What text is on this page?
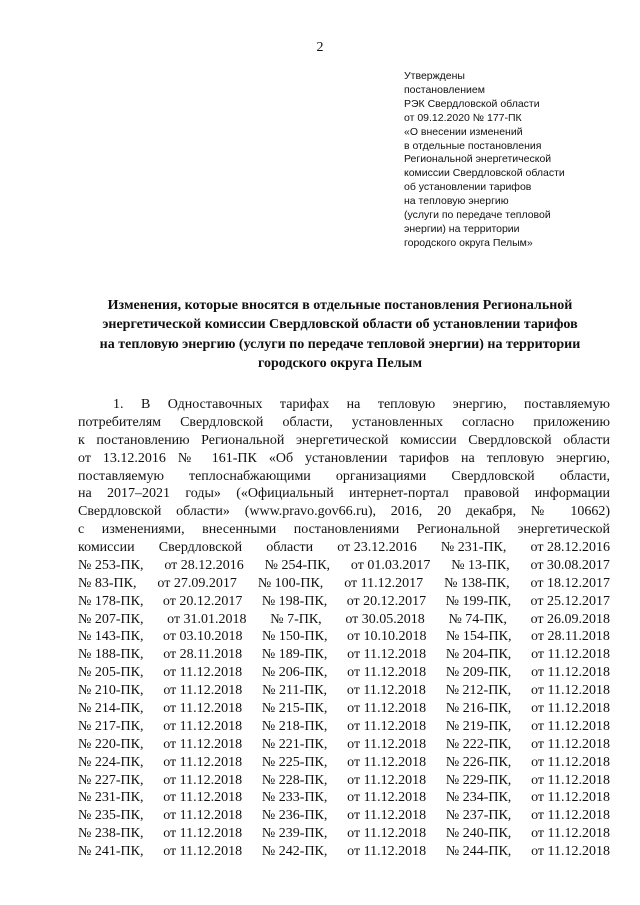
2
Утверждены
постановлением
РЭК Свердловской области
от 09.12.2020 № 177-ПК
«О внесении изменений
в отдельные постановления
Региональной энергетической
комиссии Свердловской области
об установлении тарифов
на тепловую энергию
(услуги по передаче тепловой
энергии) на территории
городского округа Пелым»
Изменения, которые вносятся в отдельные постановления Региональной
энергетической комиссии Свердловской области об установлении тарифов
на тепловую энергию (услуги по передаче тепловой энергии) на территории
городского округа Пелым
1. В Одноставочных тарифах на тепловую энергию, поставляемую
потребителям Свердловской области, установленных согласно приложению
к постановлению Региональной энергетической комиссии Свердловской области
от 13.12.2016 № 161-ПК «Об установлении тарифов на тепловую энергию,
поставляемую теплоснабжающими организациями Свердловской области,
на 2017–2021 годы» («Официальный интернет-портал правовой информации
Свердловской области» (www.pravo.gov66.ru), 2016, 20 декабря, № 10662)
с изменениями, внесенными постановлениями Региональной энергетической
комиссии Свердловской области от 23.12.2016 № 231-ПК, от 28.12.2016
№ 253-ПК, от 28.12.2016 № 254-ПК, от 01.03.2017 № 13-ПК, от 30.08.2017
№ 83-ПК, от 27.09.2017 № 100-ПК, от 11.12.2017 № 138-ПК, от 18.12.2017
№ 178-ПК, от 20.12.2017 № 198-ПК, от 20.12.2017 № 199-ПК, от 25.12.2017
№ 207-ПК, от 31.01.2018 № 7-ПК, от 30.05.2018 № 74-ПК, от 26.09.2018
№ 143-ПК, от 03.10.2018 № 150-ПК, от 10.10.2018 № 154-ПК, от 28.11.2018
№ 188-ПК, от 28.11.2018 № 189-ПК, от 11.12.2018 № 204-ПК, от 11.12.2018
№ 205-ПК, от 11.12.2018 № 206-ПК, от 11.12.2018 № 209-ПК, от 11.12.2018
№ 210-ПК, от 11.12.2018 № 211-ПК, от 11.12.2018 № 212-ПК, от 11.12.2018
№ 214-ПК, от 11.12.2018 № 215-ПК, от 11.12.2018 № 216-ПК, от 11.12.2018
№ 217-ПК, от 11.12.2018 № 218-ПК, от 11.12.2018 № 219-ПК, от 11.12.2018
№ 220-ПК, от 11.12.2018 № 221-ПК, от 11.12.2018 № 222-ПК, от 11.12.2018
№ 224-ПК, от 11.12.2018 № 225-ПК, от 11.12.2018 № 226-ПК, от 11.12.2018
№ 227-ПК, от 11.12.2018 № 228-ПК, от 11.12.2018 № 229-ПК, от 11.12.2018
№ 231-ПК, от 11.12.2018 № 233-ПК, от 11.12.2018 № 234-ПК, от 11.12.2018
№ 235-ПК, от 11.12.2018 № 236-ПК, от 11.12.2018 № 237-ПК, от 11.12.2018
№ 238-ПК, от 11.12.2018 № 239-ПК, от 11.12.2018 № 240-ПК, от 11.12.2018
№ 241-ПК, от 11.12.2018 № 242-ПК, от 11.12.2018 № 244-ПК, от 11.12.2018
